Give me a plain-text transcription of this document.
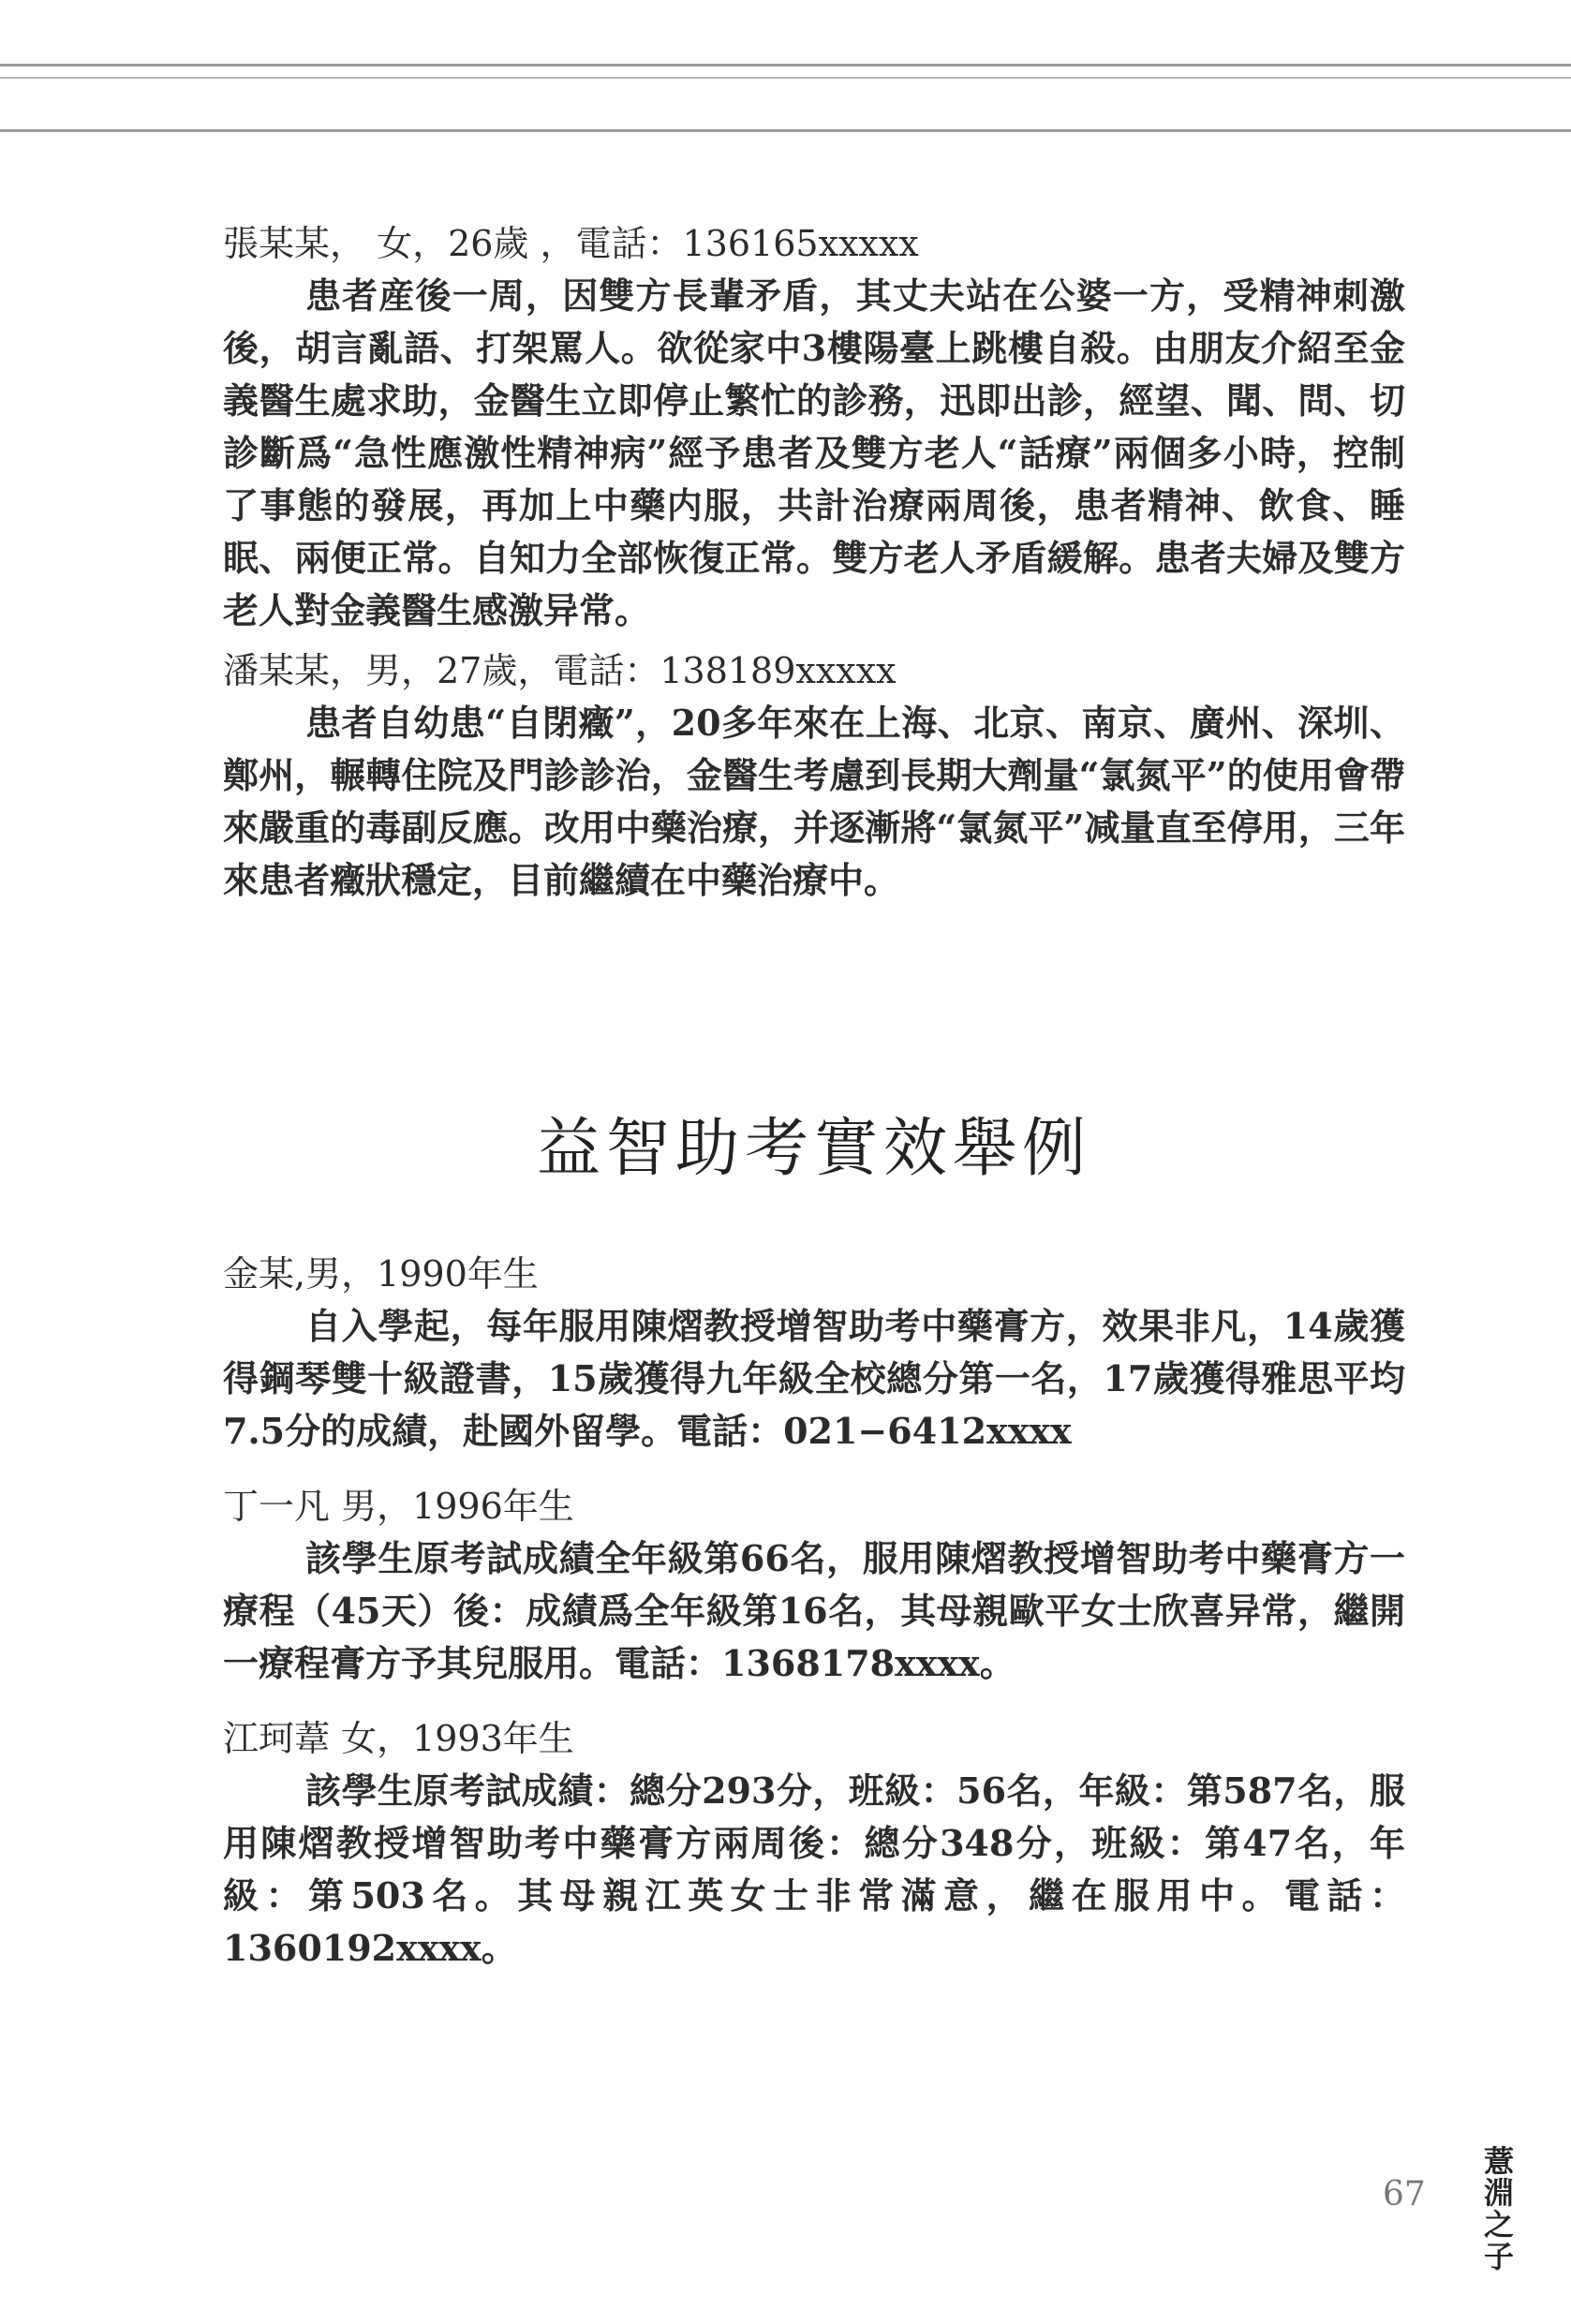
張某某， 女，26歲 ，電話：136165xxxxx

患者産後一周，因雙方長輩矛盾，其丈夫站在公婆一方，受精神刺激後，胡言亂語、打架罵人。欲從家中3樓陽臺上跳樓自殺。由朋友介紹至金義醫生處求助，金醫生立即停止繁忙的診務，迅即出診，經望、聞、問、切診斷爲“急性應激性精神病”經予患者及雙方老人“話療”兩個多小時，控制了事態的發展，再加上中藥内服，共計治療兩周後，患者精神、飲食、睡眠、兩便正常。自知力全部恢復正常。雙方老人矛盾緩解。患者夫婦及雙方老人對金義醫生感激异常。

潘某某，男，27歲，電話：138189xxxxx

患者自幼患“自閉癥”，20多年來在上海、北京、南京、廣州、深圳、鄭州，輾轉住院及門診診治，金醫生考慮到長期大劑量“氯氮平”的使用會帶來嚴重的毒副反應。改用中藥治療，并逐漸將“氯氮平”减量直至停用，三年來患者癥狀穩定，目前繼續在中藥治療中。

益智助考實效舉例

金某,男，1990年生

自入學起，每年服用陳熠教授增智助考中藥膏方，效果非凡，14歲獲得鋼琴雙十級證書，15歲獲得九年級全校總分第一名，17歲獲得雅思平均7.5分的成績，赴國外留學。電話：021−6412xxxx

丁一凡 男，1996年生

該學生原考試成績全年級第66名，服用陳熠教授增智助考中藥膏方一療程（45天）後：成績爲全年級第16名，其母親歐平女士欣喜异常，繼開一療程膏方予其兒服用。電話：1368178xxxx。

江珂葦 女，1993年生

該學生原考試成績：總分293分，班級：56名，年級：第587名，服用陳熠教授增智助考中藥膏方兩周後：總分348分，班級：第47名，年級：第503名。其母親江英女士非常滿意，繼在服用中。電話：1360192xxxx。

67 薏淵之子
